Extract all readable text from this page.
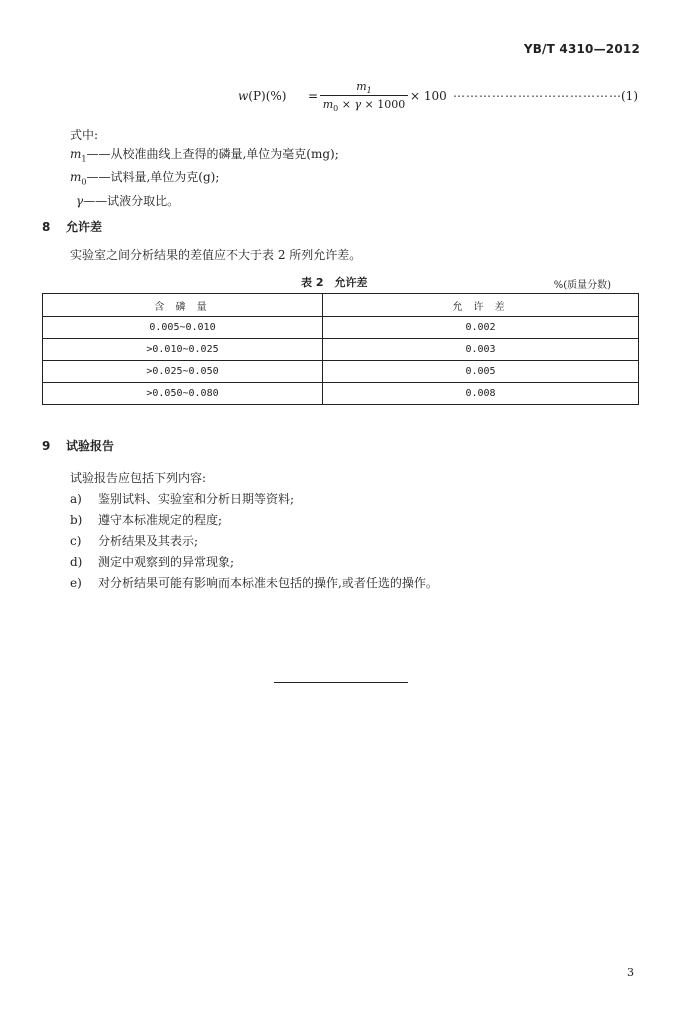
YB/T 4310—2012
w(P)(%) =
$m_1$
$m_0 \times \gamma \times 1000$
× 100 ………………………………… (1)
式中:
$m_1——$从校准曲线上查得的磷量,单位为毫克(mg);
$m_0——$试料量,单位为克(g);
γ——试液分取比。
8 允许差
实验室之间分析结果的差值应不大于表 2 所列允许差。
表 2　允许差	%(质量分数)
含 磷 量	允 许 差
0.005~0.010	0.002
>0.010~0.025	0.003
>0.025~0.050	0.005
>0.050~0.080	0.008
9 试验报告
试验报告应包括下列内容:
a) 鉴别试料、实验室和分析日期等资料;
b) 遵守本标准规定的程度;
c) 分析结果及其表示;
d) 测定中观察到的异常现象;
e) 对分析结果可能有影响而本标准未包括的操作,或者任选的操作。
3
